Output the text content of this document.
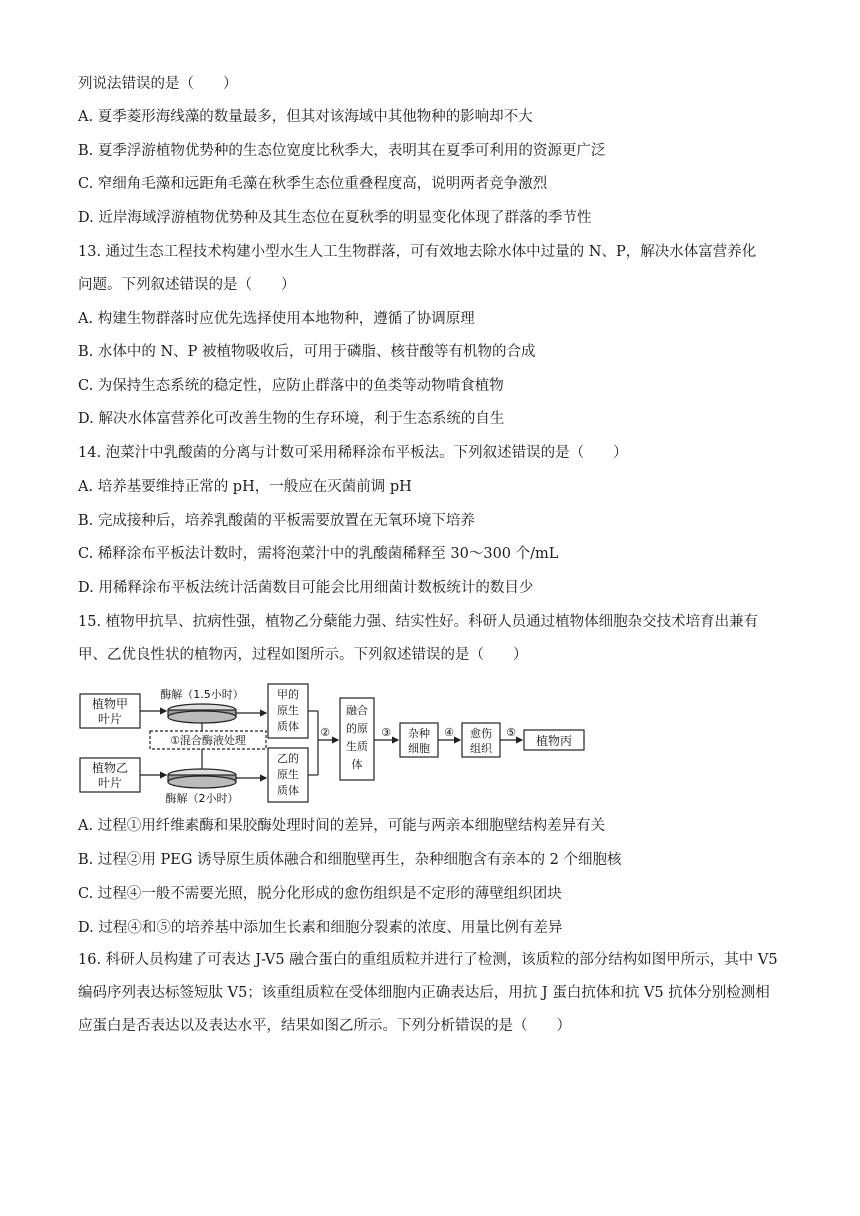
列说法错误的是（　　）
A. 夏季菱形海线藻的数量最多，但其对该海域中其他物种的影响却不大
B. 夏季浮游植物优势种的生态位宽度比秋季大，表明其在夏季可利用的资源更广泛
C. 窄细角毛藻和远距角毛藻在秋季生态位重叠程度高，说明两者竞争激烈
D. 近岸海域浮游植物优势种及其生态位在夏秋季的明显变化体现了群落的季节性
13. 通过生态工程技术构建小型水生人工生物群落，可有效地去除水体中过量的 N、P，解决水体富营养化
问题。下列叙述错误的是（　　）
A. 构建生物群落时应优先选择使用本地物种，遵循了协调原理
B. 水体中的 N、P 被植物吸收后，可用于磷脂、核苷酸等有机物的合成
C. 为保持生态系统的稳定性，应防止群落中的鱼类等动物啃食植物
D. 解决水体富营养化可改善生物的生存环境，利于生态系统的自生
14. 泡菜汁中乳酸菌的分离与计数可采用稀释涂布平板法。下列叙述错误的是（　　）
A. 培养基要维持正常的 pH，一般应在灭菌前调 pH
B. 完成接种后，培养乳酸菌的平板需要放置在无氧环境下培养
C. 稀释涂布平板法计数时，需将泡菜汁中的乳酸菌稀释至 30～300 个/mL
D. 用稀释涂布平板法统计活菌数目可能会比用细菌计数板统计的数目少
15. 植物甲抗旱、抗病性强，植物乙分蘖能力强、结实性好。科研人员通过植物体细胞杂交技术培育出兼有
甲、乙优良性状的植物丙，过程如图所示。下列叙述错误的是（　　）
植物甲
叶片
植物乙
叶片
酶解（1.5小时）
酶解（2小时）
①混合酶液处理
甲的
原生
质体
乙的
原生
质体
融合
的原
生质
体
杂种
细胞
愈伤
组织
植物丙
②	③	④	⑤
A. 过程①用纤维素酶和果胶酶处理时间的差异，可能与两亲本细胞壁结构差异有关
B. 过程②用 PEG 诱导原生质体融合和细胞壁再生，杂种细胞含有亲本的 2 个细胞核
C. 过程④一般不需要光照，脱分化形成的愈伤组织是不定形的薄壁组织团块
D. 过程④和⑤的培养基中添加生长素和细胞分裂素的浓度、用量比例有差异
16. 科研人员构建了可表达 J-V5 融合蛋白的重组质粒并进行了检测，该质粒的部分结构如图甲所示，其中 V5 编码序列表达标签短肽 V5；该重组质粒在受体细胞内正确表达后，用抗 J 蛋白抗体和抗 V5 抗体分别检测相应蛋白是否表达以及表达水平，结果如图乙所示。下列分析错误的是（　　）
